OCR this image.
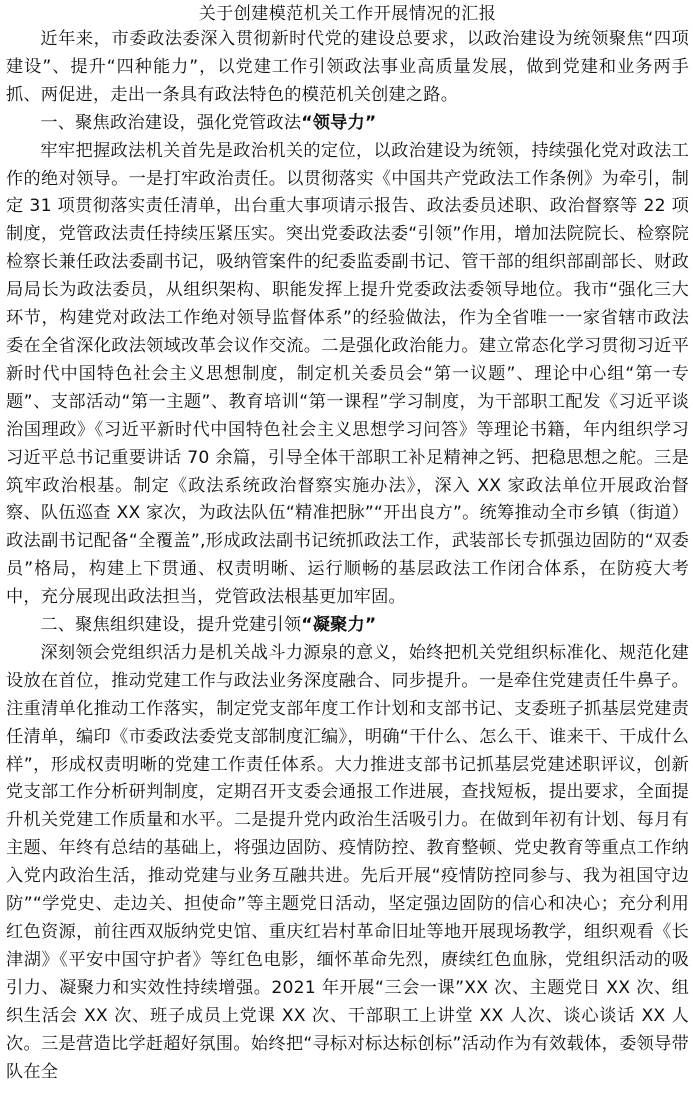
关于创建模范机关工作开展情况的汇报

近年来，市委政法委深入贯彻新时代党的建设总要求，以政治建设为统领聚焦“四项建设”、提升“四种能力”，以党建工作引领政法事业高质量发展，做到党建和业务两手抓、两促进，走出一条具有政法特色的模范机关创建之路。

一、聚焦政治建设，强化党管政法“领导力”

牢牢把握政法机关首先是政治机关的定位，以政治建设为统领，持续强化党对政法工作的绝对领导。一是打牢政治责任。以贯彻落实《中国共产党政法工作条例》为牵引，制定 31 项贯彻落实责任清单，出台重大事项请示报告、政法委员述职、政治督察等 22 项制度，党管政法责任持续压紧压实。突出党委政法委“引领”作用，增加法院院长、检察院检察长兼任政法委副书记，吸纳管案件的纪委监委副书记、管干部的组织部副部长、财政局局长为政法委员，从组织架构、职能发挥上提升党委政法委领导地位。我市“强化三大环节，构建党对政法工作绝对领导监督体系”的经验做法，作为全省唯一一家省辖市政法委在全省深化政法领域改革会议作交流。二是强化政治能力。建立常态化学习贯彻习近平新时代中国特色社会主义思想制度，制定机关委员会“第一议题”、理论中心组“第一专题”、支部活动“第一主题”、教育培训“第一课程”学习制度，为干部职工配发《习近平谈治国理政》《习近平新时代中国特色社会主义思想学习问答》等理论书籍，年内组织学习习近平总书记重要讲话 70 余篇，引导全体干部职工补足精神之钙、把稳思想之舵。三是筑牢政治根基。制定《政法系统政治督察实施办法》，深入 XX 家政法单位开展政治督察、队伍巡查 XX 家次，为政法队伍“精准把脉”“开出良方”。统筹推动全市乡镇（街道）政法副书记配备“全覆盖”,形成政法副书记统抓政法工作，武装部长专抓强边固防的“双委员”格局，构建上下贯通、权责明晰、运行顺畅的基层政法工作闭合体系，在防疫大考中，充分展现出政法担当，党管政法根基更加牢固。

二、聚焦组织建设，提升党建引领“凝聚力”

深刻领会党组织活力是机关战斗力源泉的意义，始终把机关党组织标准化、规范化建设放在首位，推动党建工作与政法业务深度融合、同步提升。一是牵住党建责任牛鼻子。注重清单化推动工作落实，制定党支部年度工作计划和支部书记、支委班子抓基层党建责任清单，编印《市委政法委党支部制度汇编》，明确“干什么、怎么干、谁来干、干成什么样”，形成权责明晰的党建工作责任体系。大力推进支部书记抓基层党建述职评议，创新党支部工作分析研判制度，定期召开支委会通报工作进展，查找短板，提出要求，全面提升机关党建工作质量和水平。二是提升党内政治生活吸引力。在做到年初有计划、每月有主题、年终有总结的基础上，将强边固防、疫情防控、教育整顿、党史教育等重点工作纳入党内政治生活，推动党建与业务互融共进。先后开展“疫情防控同参与、我为祖国守边防”“学党史、走边关、担使命”等主题党日活动，坚定强边固防的信心和决心；充分利用红色资源，前往西双版纳党史馆、重庆红岩村革命旧址等地开展现场教学，组织观看《长津湖》《平安中国守护者》等红色电影，缅怀革命先烈，赓续红色血脉，党组织活动的吸引力、凝聚力和实效性持续增强。2021 年开展“三会一课”XX 次、主题党日 XX 次、组织生活会 XX 次、班子成员上党课 XX 次、干部职工上讲堂 XX 人次、谈心谈话 XX 人次。三是营造比学赶超好氛围。始终把“寻标对标达标创标”活动作为有效载体，委领导带队在全
